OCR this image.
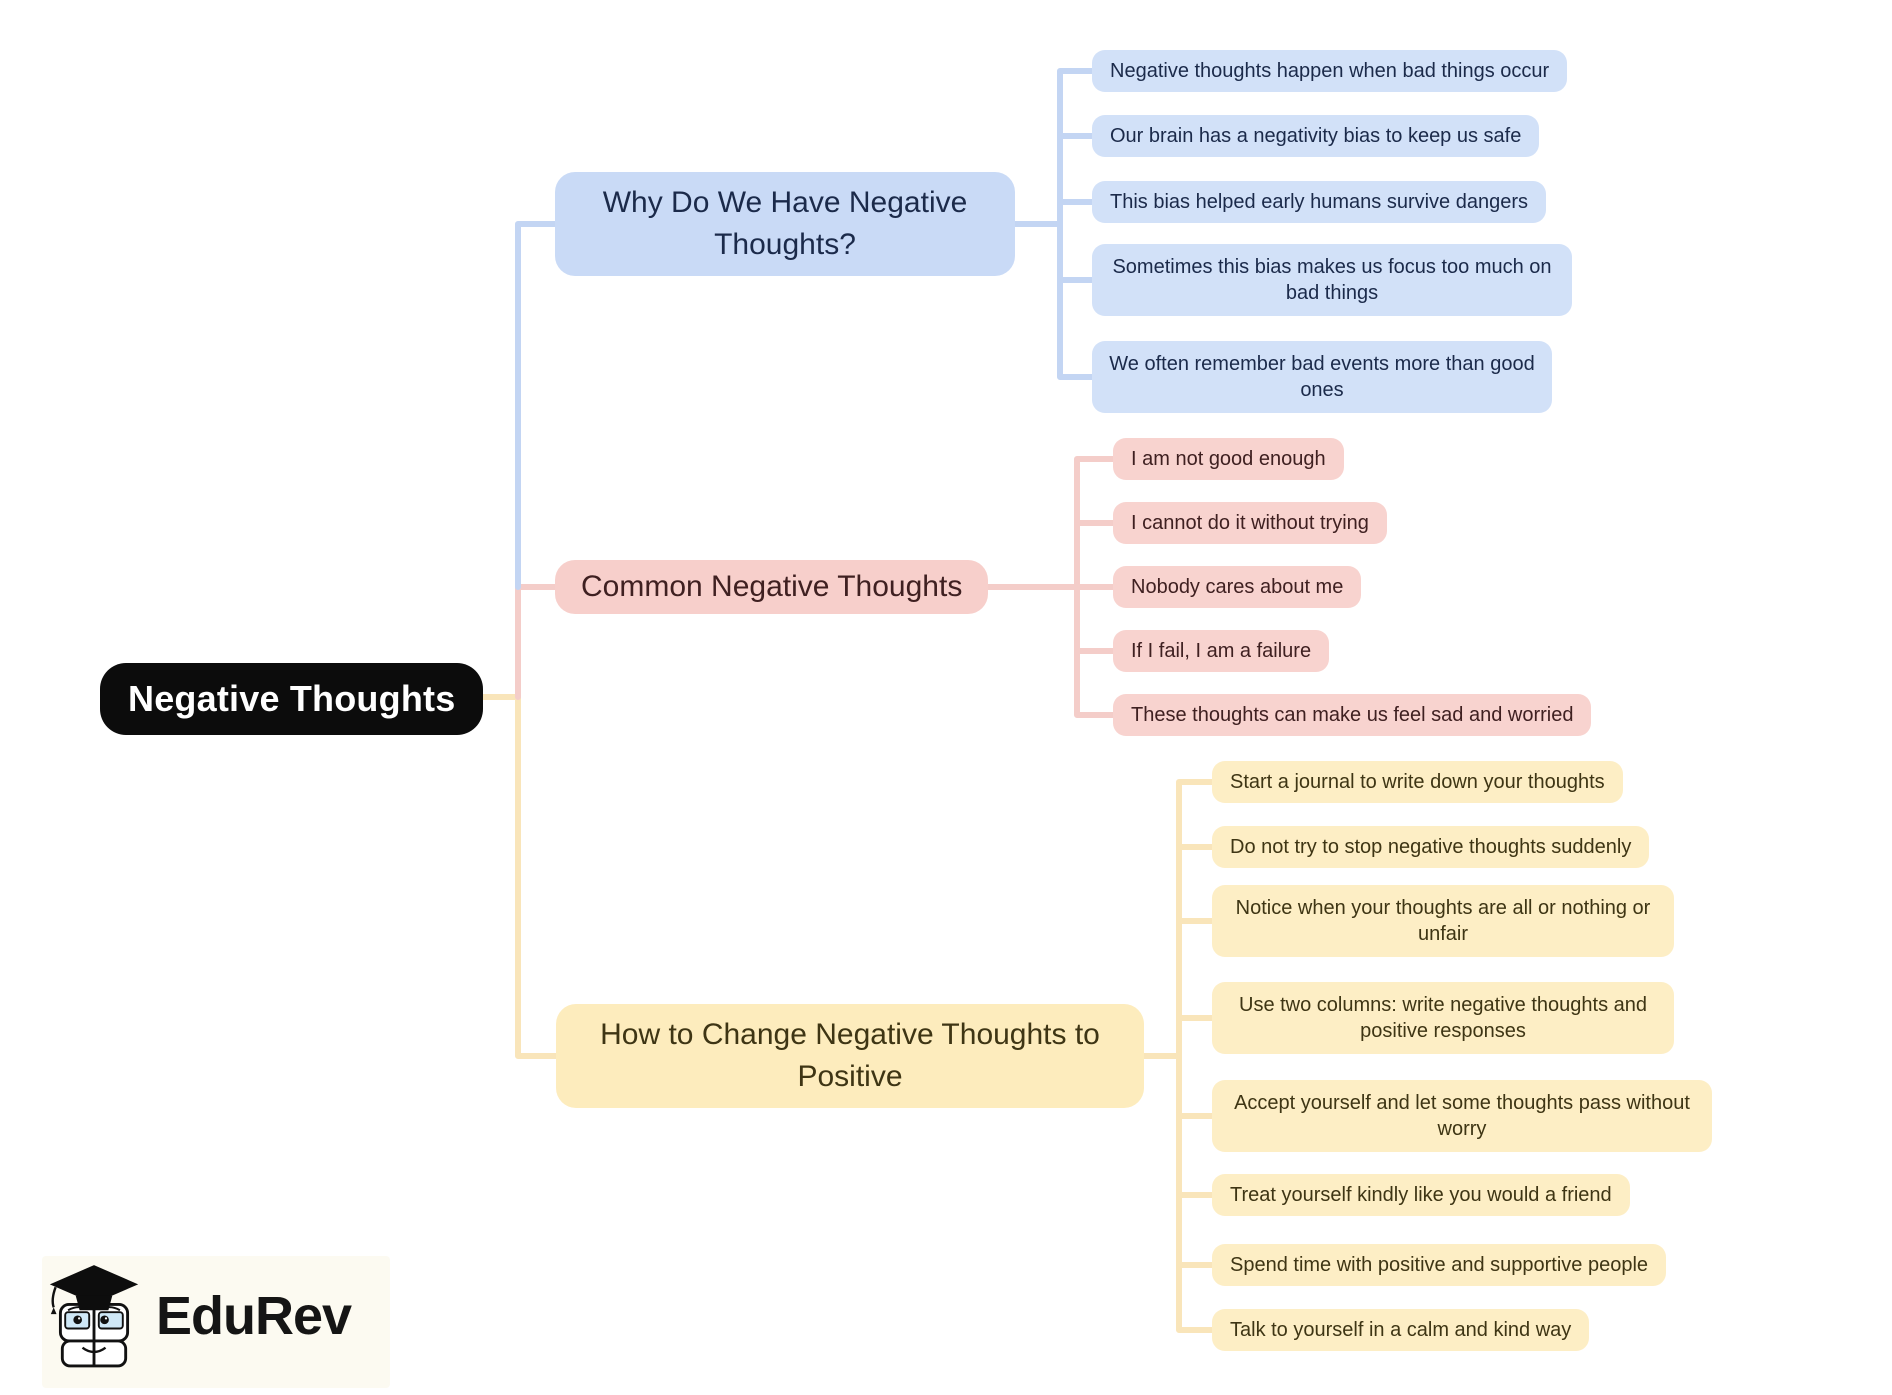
Negative Thoughts
Why Do We Have Negative Thoughts?
Negative thoughts happen when bad things occur
Our brain has a negativity bias to keep us safe
This bias helped early humans survive dangers
Sometimes this bias makes us focus too much on bad things
We often remember bad events more than good ones
Common Negative Thoughts
I am not good enough
I cannot do it without trying
Nobody cares about me
If I fail, I am a failure
These thoughts can make us feel sad and worried
How to Change Negative Thoughts to Positive
Start a journal to write down your thoughts
Do not try to stop negative thoughts suddenly
Notice when your thoughts are all or nothing or unfair
Use two columns: write negative thoughts and positive responses
Accept yourself and let some thoughts pass without worry
Treat yourself kindly like you would a friend
Spend time with positive and supportive people
Talk to yourself in a calm and kind way
EduRev
